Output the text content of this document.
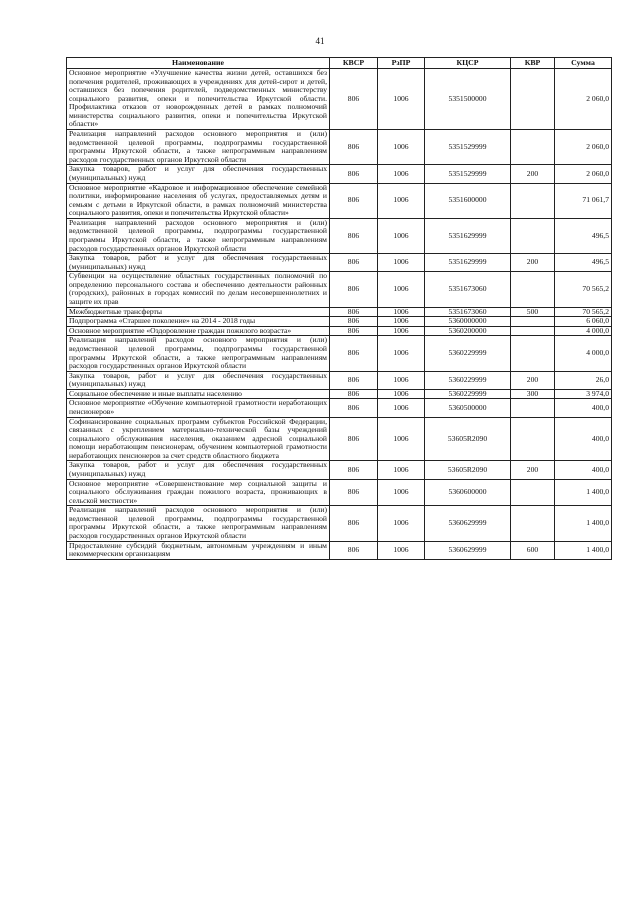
41
Наименование	КВСР	РзПР	КЦСР	КВР	Сумма
Основное мероприятие «Улучшение качества жизни детей, оставшихся без попечения родителей, проживающих в учреждениях для детей-сирот и детей, оставшихся без попечения родителей, подведомственных министерству социального развития, опеки и попечительства Иркутской области. Профилактика отказов от новорожденных детей в рамках полномочий министерства социального развития, опеки и попечительства Иркутской области»	806	1006	5351500000		2 060,0
Реализация направлений расходов основного мероприятия и (или) ведомственной целевой программы, подпрограммы государственной программы Иркутской области, а также непрограммным направлениям расходов государственных органов Иркутской области	806	1006	5351529999		2 060,0
Закупка товаров, работ и услуг для обеспечения государственных (муниципальных) нужд	806	1006	5351529999	200	2 060,0
Основное мероприятие «Кадровое и информационное обеспечение семейной политики, информирование населения об услугах, предоставляемых детям и семьям с детьми в Иркутской области, в рамках полномочий министерства социального развития, опеки и попечительства Иркутской области»	806	1006	5351600000		71 061,7
Реализация направлений расходов основного мероприятия и (или) ведомственной целевой программы, подпрограммы государственной программы Иркутской области, а также непрограммным направлениям расходов государственных органов Иркутской области	806	1006	5351629999		496,5
Закупка товаров, работ и услуг для обеспечения государственных (муниципальных) нужд	806	1006	5351629999	200	496,5
Субвенции на осуществление областных государственных полномочий по определению персонального состава и обеспечению деятельности районных (городских), районных в городах комиссий по делам несовершеннолетних и защите их прав	806	1006	5351673060		70 565,2
Межбюджетные трансферты	806	1006	5351673060	500	70 565,2
Подпрограмма «Старшее поколение» на 2014 - 2018 годы	806	1006	5360000000		6 060,0
Основное мероприятие «Оздоровление граждан пожилого возраста»	806	1006	5360200000		4 000,0
Реализация направлений расходов основного мероприятия и (или) ведомственной целевой программы, подпрограммы государственной программы Иркутской области, а также непрограммным направлениям расходов государственных органов Иркутской области	806	1006	5360229999		4 000,0
Закупка товаров, работ и услуг для обеспечения государственных (муниципальных) нужд	806	1006	5360229999	200	26,0
Социальное обеспечение и иные выплаты населению	806	1006	5360229999	300	3 974,0
Основное мероприятие «Обучение компьютерной грамотности неработающих пенсионеров»	806	1006	5360500000		400,0
Софинансирование социальных программ субъектов Российской Федерации, связанных с укреплением материально-технической базы учреждений социального обслуживания населения, оказанием адресной социальной помощи неработающим пенсионерам, обучением компьютерной грамотности неработающих пенсионеров за счет средств областного бюджета	806	1006	53605R2090		400,0
Закупка товаров, работ и услуг для обеспечения государственных (муниципальных) нужд	806	1006	53605R2090	200	400,0
Основное мероприятие «Совершенствование мер социальной защиты и социального обслуживания граждан пожилого возраста, проживающих в сельской местности»	806	1006	5360600000		1 400,0
Реализация направлений расходов основного мероприятия и (или) ведомственной целевой программы, подпрограммы государственной программы Иркутской области, а также непрограммным направлениям расходов государственных органов Иркутской области	806	1006	5360629999		1 400,0
Предоставление субсидий бюджетным, автономным учреждениям и иным некоммерческим организациям	806	1006	5360629999	600	1 400,0
